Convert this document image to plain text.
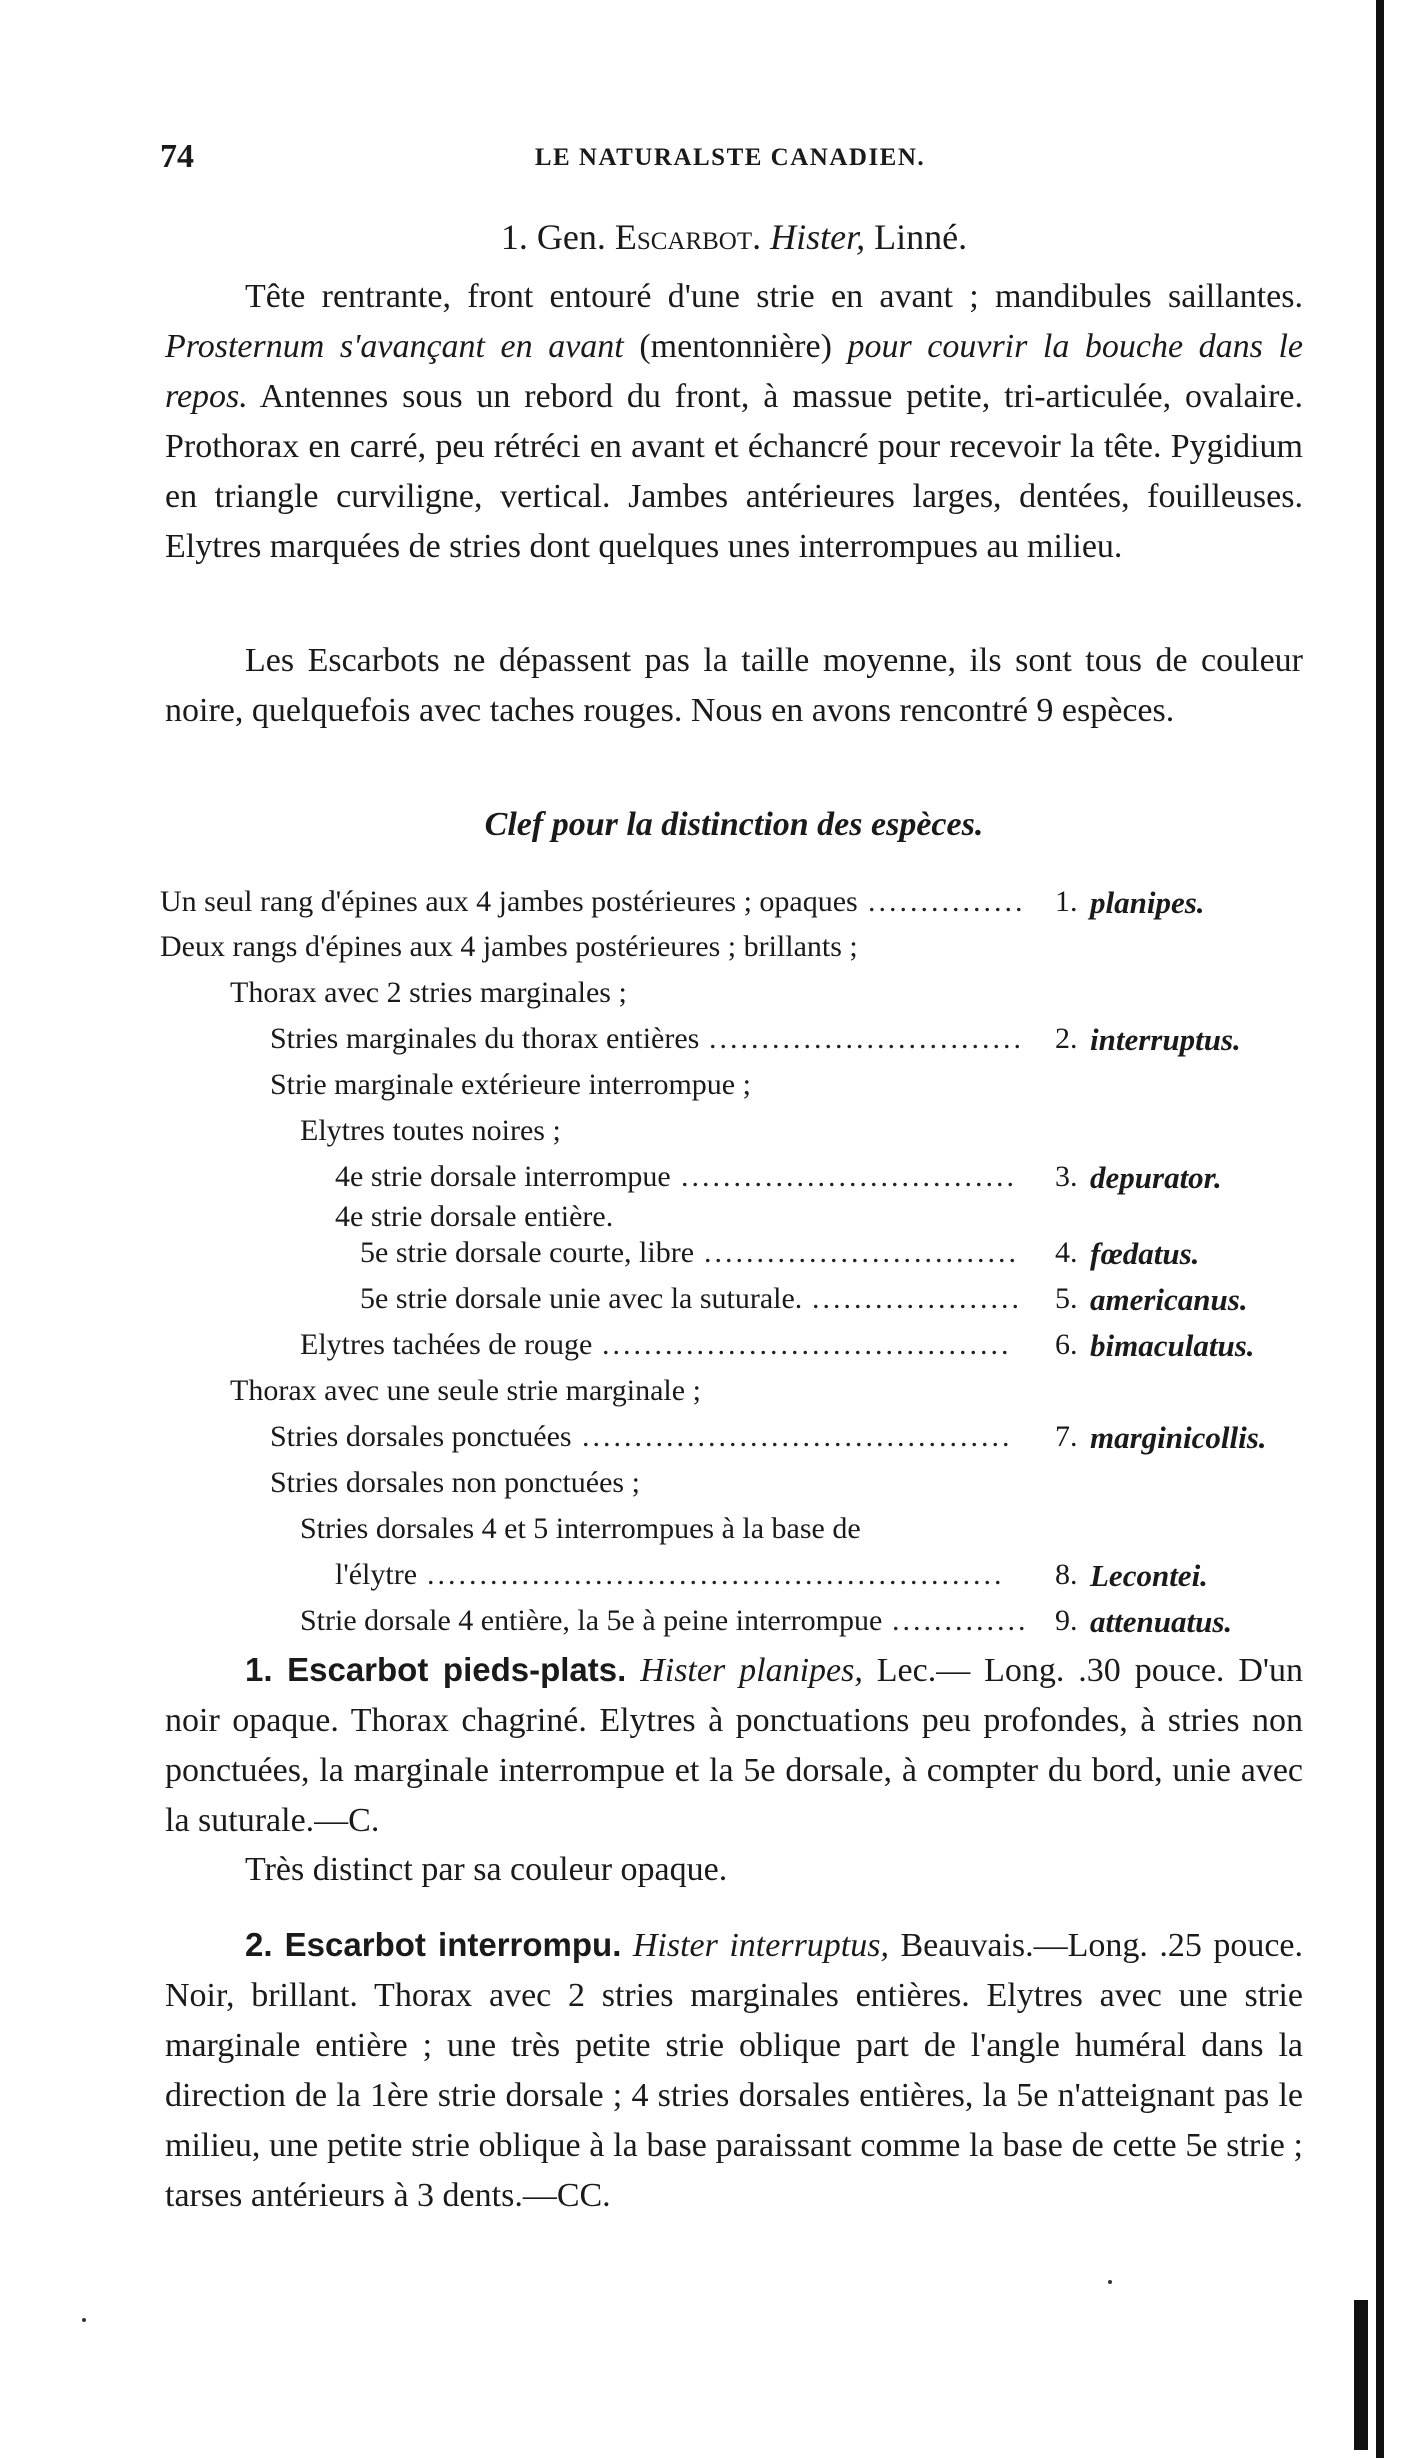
74	LE NATURALSTE CANADIEN.
1. Gen. Escarbot. Hister, Linné.
Tête rentrante, front entouré d'une strie en avant ; mandibules saillantes. Prosternum s'avançant en avant (mentonnière) pour couvrir la bouche dans le repos. Antennes sous un rebord du front, à massue petite, tri-articulée, ovalaire. Prothorax en carré, peu rétréci en avant et échancré pour recevoir la tête. Pygidium en triangle curviligne, vertical. Jambes antérieures larges, dentées, fouilleuses. Elytres marquées de stries dont quelques unes interrompues au milieu.
Les Escarbots ne dépassent pas la taille moyenne, ils sont tous de couleur noire, quelquefois avec taches rouges. Nous en avons rencontré 9 espèces.
Clef pour la distinction des espèces.
Un seul rang d'épines aux 4 jambes postérieures ; opaques ............... 1. planipes.
Deux rangs d'épines aux 4 jambes postérieures ; brillants ;
Thorax avec 2 stries marginales ;
Stries marginales du thorax entières ..............................	2. interruptus.
Strie marginale extérieure interrompue ;
Elytres toutes noires ;
4e strie dorsale interrompue ................................	3. depurator.
4e strie dorsale entière.
5e strie dorsale courte, libre ..............................	4. fœdatus.
5e strie dorsale unie avec la suturale. ....................	5. americanus.
Elytres tachées de rouge .......................................	6. bimaculatus.
Thorax avec une seule strie marginale ;
Stries dorsales ponctuées .........................................	7. marginicollis.
Stries dorsales non ponctuées ;
Stries dorsales 4 et 5 interrompues à la base de
l'élytre .......................................................	8. Lecontei.
Strie dorsale 4 entière, la 5e à peine interrompue ............. 9. attenuatus.
1. Escarbot pieds-plats. Hister planipes, Lec.— Long. .30 pouce. D'un noir opaque. Thorax chagriné. Elytres à ponctuations peu profondes, à stries non ponctuées, la marginale interrompue et la 5e dorsale, à compter du bord, unie avec la suturale.—C.
Très distinct par sa couleur opaque.
2. Escarbot interrompu. Hister interruptus, Beauvais.—Long. .25 pouce. Noir, brillant. Thorax avec 2 stries marginales entières. Elytres avec une strie marginale entière ; une très petite strie oblique part de l'angle huméral dans la direction de la 1ère strie dorsale ; 4 stries dorsales entières, la 5e n'atteignant pas le milieu, une petite strie oblique à la base paraissant comme la base de cette 5e strie ; tarses antérieurs à 3 dents.—CC.
